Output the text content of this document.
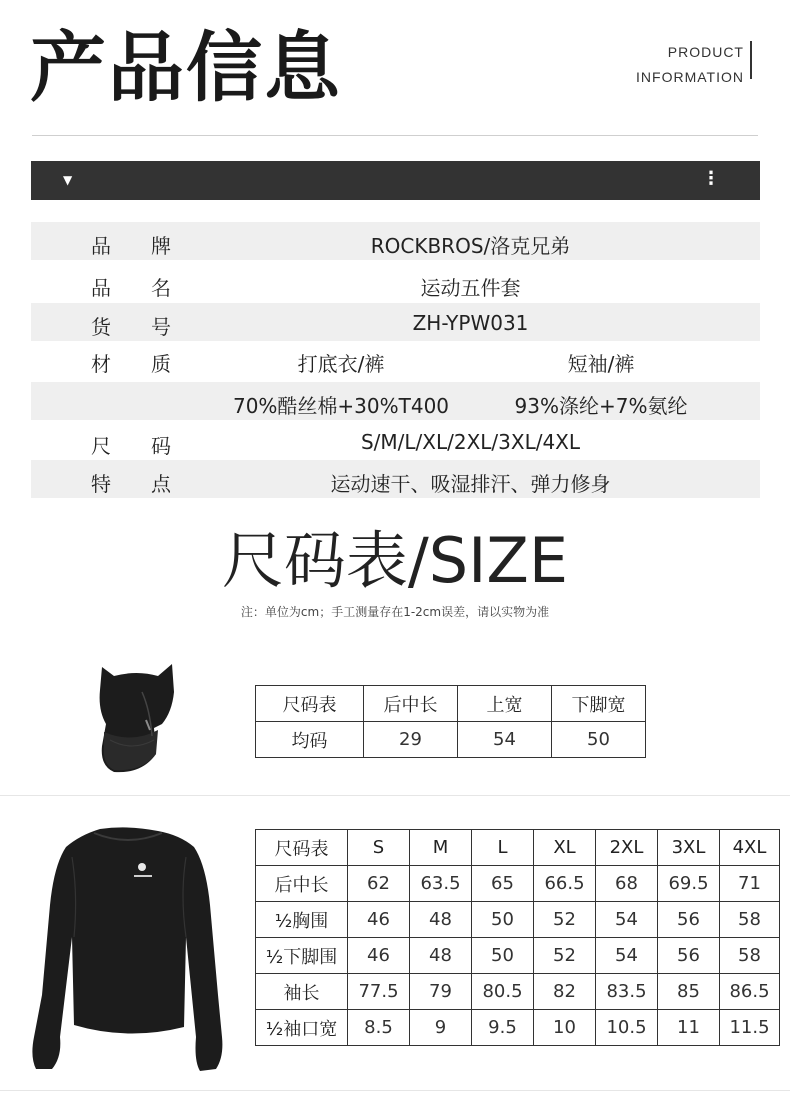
产品信息	PRODUCT
INFORMATION
▼	⋮
品 牌	ROCKBROS/洛克兄弟
品 名	运动五件套
货 号	ZH-YPW031
材 质	打底衣/裤	短袖/裤
70%酷丝棉+30%T400	93%涤纶+7%氨纶
尺 码	S/M/L/XL/2XL/3XL/4XL
特 点	运动速干、吸湿排汗、弹力修身
尺码表/SIZE
注：单位为cm；手工测量存在1-2cm误差，请以实物为准
尺码表	后中长	上宽	下脚宽
均码	29	54	50
尺码表	S	M	L	XL	2XL	3XL	4XL
后中长	62	63.5	65	66.5	68	69.5	71
½胸围	46	48	50	52	54	56	58
½下脚围	46	48	50	52	54	56	58
袖长	77.5	79	80.5	82	83.5	85	86.5
½袖口宽	8.5	9	9.5	10	10.5	11	11.5
